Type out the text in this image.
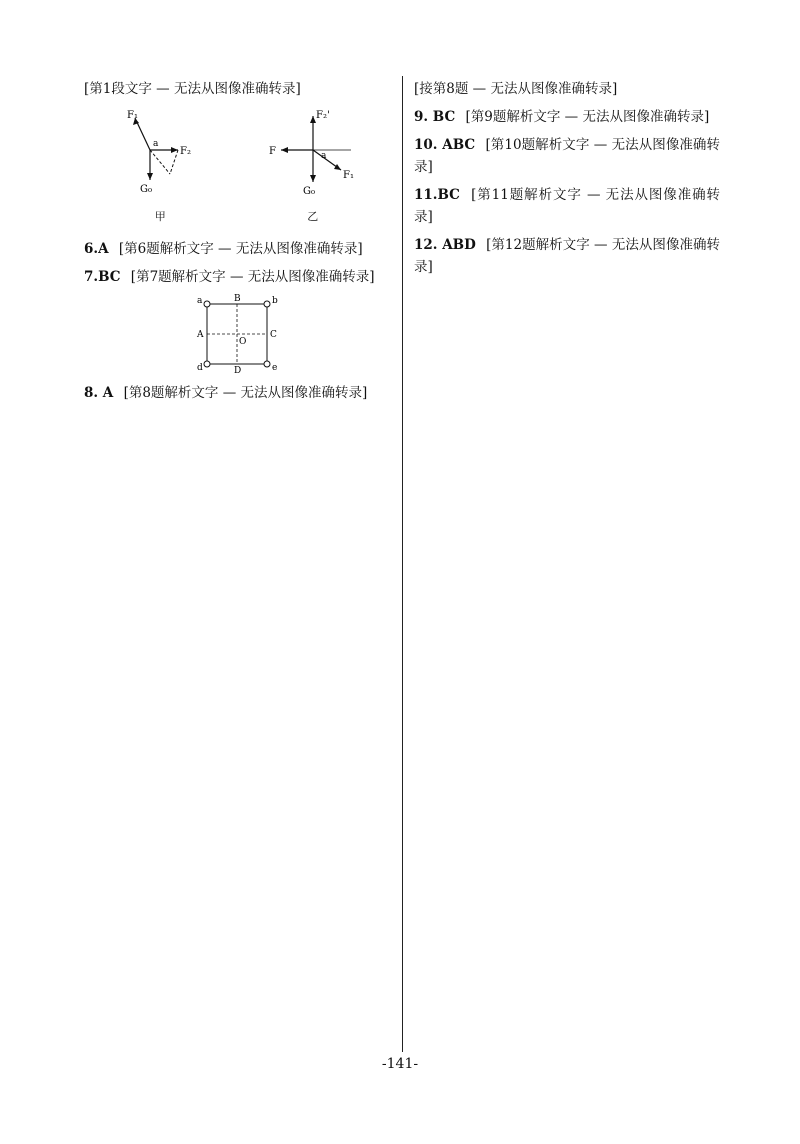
[第1段文字 — 无法从图像准确转录]

F₁
F₂
a
G₀
甲
F₂'
F	a
G₀
F₁
乙

6.A [第6题解析文字 — 无法从图像准确转录]

7.BC [第7题解析文字 — 无法从图像准确转录]

a	B	b
A
O
C
d	D	e

8. A [第8题解析文字 — 无法从图像准确转录]

[接第8题 — 无法从图像准确转录]

9. BC [第9题解析文字 — 无法从图像准确转录]

10. ABC [第10题解析文字 — 无法从图像准确转录]

11.BC [第11题解析文字 — 无法从图像准确转录]

12. ABD [第12题解析文字 — 无法从图像准确转录]

-141-
